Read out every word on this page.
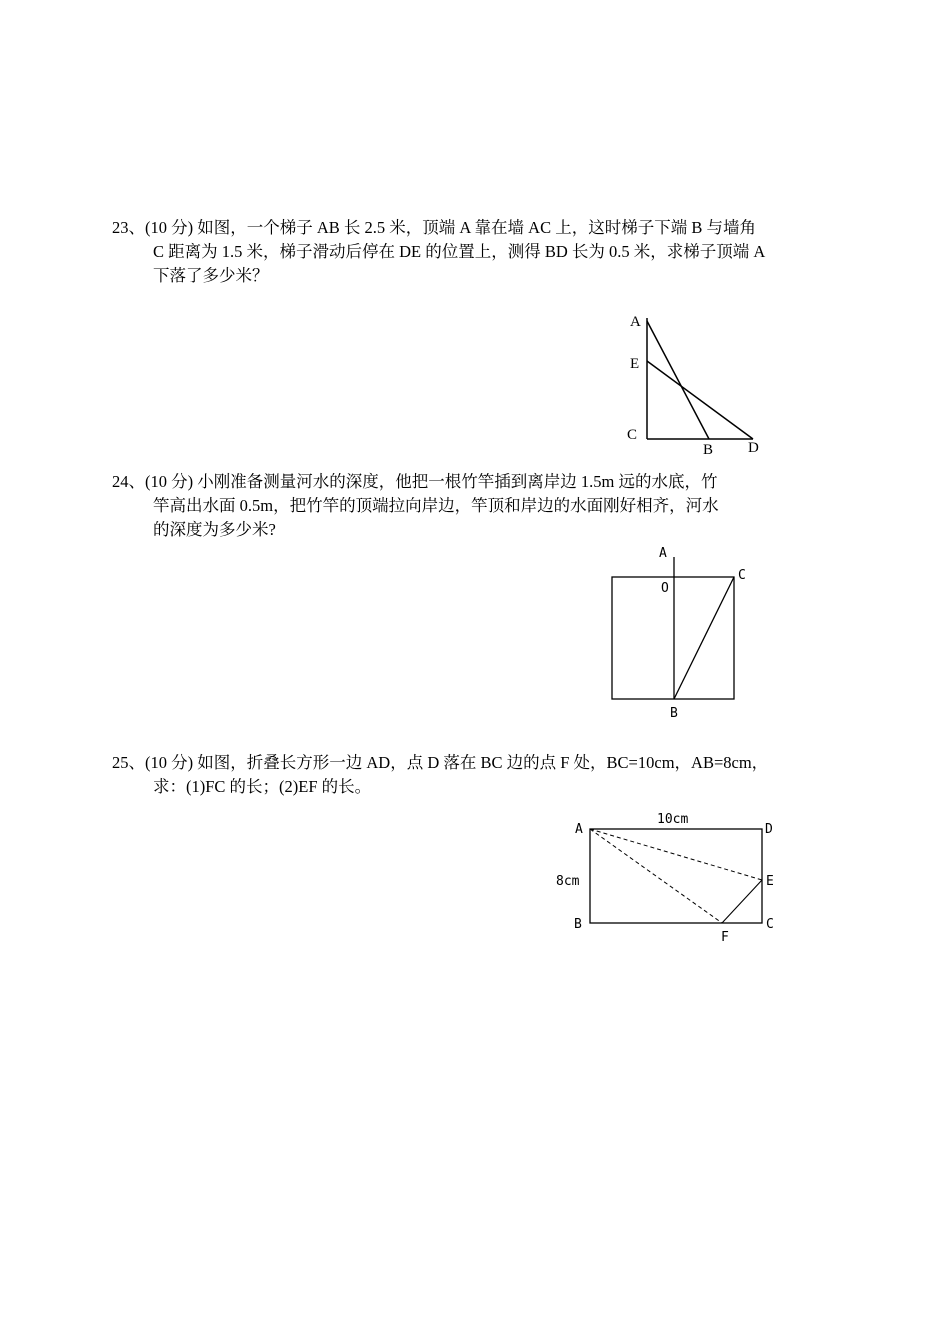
23、(10 分) 如图，一个梯子 AB 长 2.5 米，顶端 A 靠在墙 AC 上，这时梯子下端 B 与墙角
C 距离为 1.5 米，梯子滑动后停在 DE 的位置上，测得 BD 长为 0.5 米，求梯子顶端 A
下落了多少米？
A
E
C
B D
24、(10 分) 小刚准备测量河水的深度，他把一根竹竿插到离岸边 1.5m 远的水底，竹
竿高出水面 0.5m，把竹竿的顶端拉向岸边，竿顶和岸边的水面刚好相齐，河水
的深度为多少米?
A
O
C
B
25、(10 分) 如图，折叠长方形一边 AD，点 D 落在 BC 边的点 F 处，BC=10cm，AB=8cm，
求：(1)FC 的长；(2)EF 的长。
10cm
8cm
A	D
E
B
F
C
